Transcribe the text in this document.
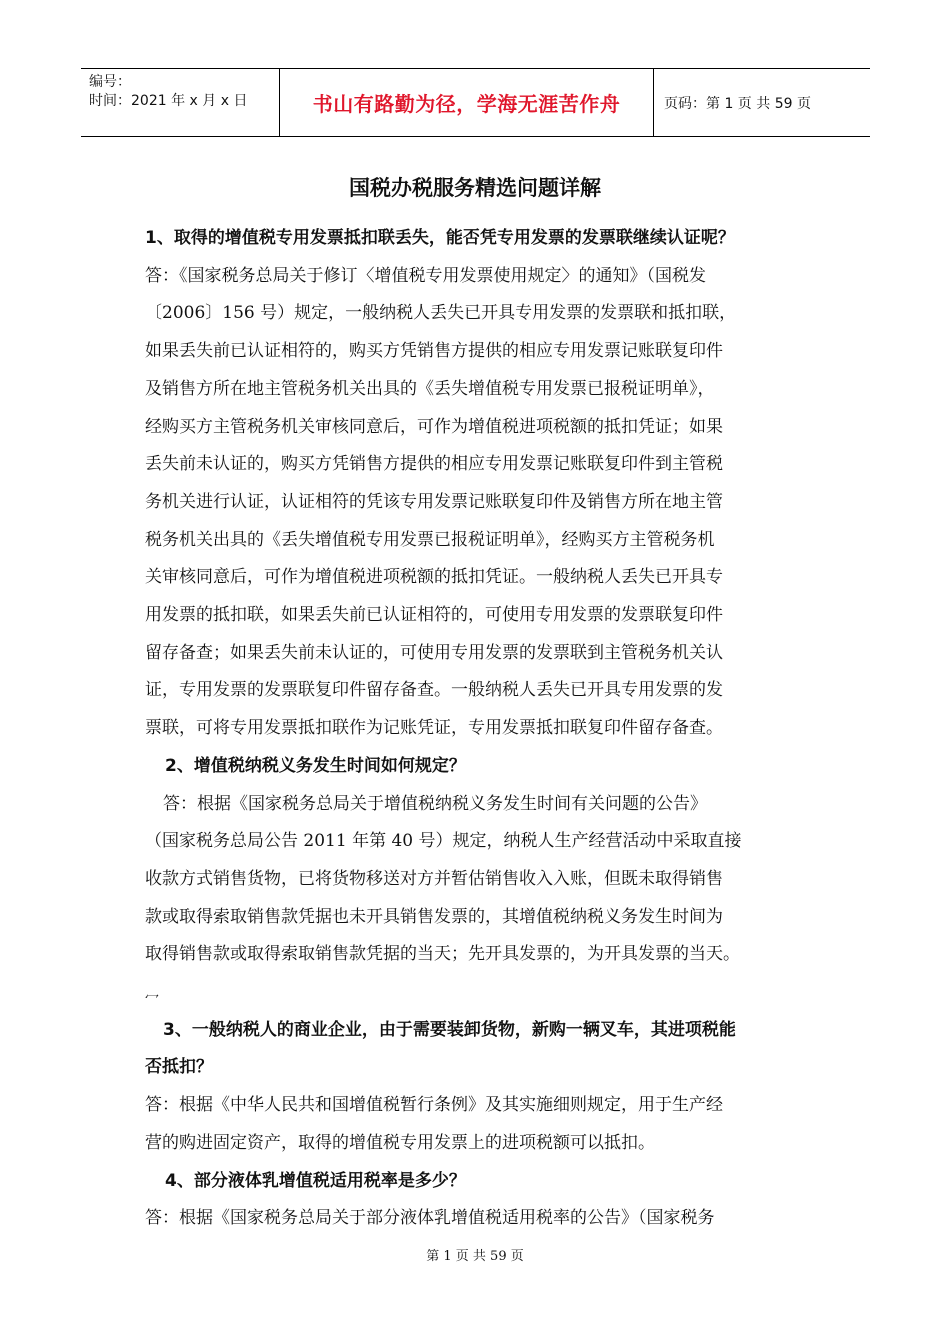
编号：
时间：2021 年 x 月 x 日	书山有路勤为径，学海无涯苦作舟	页码：第 1 页 共 59 页
国税办税服务精选问题详解
1、取得的增值税专用发票抵扣联丢失，能否凭专用发票的发票联继续认证呢？
答：《国家税务总局关于修订〈增值税专用发票使用规定〉的通知》（国税发
〔2006〕156 号）规定，一般纳税人丢失已开具专用发票的发票联和抵扣联，
如果丢失前已认证相符的，购买方凭销售方提供的相应专用发票记账联复印件
及销售方所在地主管税务机关出具的《丢失增值税专用发票已报税证明单》，
经购买方主管税务机关审核同意后，可作为增值税进项税额的抵扣凭证；如果
丢失前未认证的，购买方凭销售方提供的相应专用发票记账联复印件到主管税
务机关进行认证，认证相符的凭该专用发票记账联复印件及销售方所在地主管
税务机关出具的《丢失增值税专用发票已报税证明单》，经购买方主管税务机
关审核同意后，可作为增值税进项税额的抵扣凭证。一般纳税人丢失已开具专
用发票的抵扣联，如果丢失前已认证相符的，可使用专用发票的发票联复印件
留存备查；如果丢失前未认证的，可使用专用发票的发票联到主管税务机关认
证，专用发票的发票联复印件留存备查。一般纳税人丢失已开具专用发票的发
票联，可将专用发票抵扣联作为记账凭证，专用发票抵扣联复印件留存备查。
2、增值税纳税义务发生时间如何规定？
答：根据《国家税务总局关于增值税纳税义务发生时间有关问题的公告》
（国家税务总局公告 2011 年第 40 号）规定，纳税人生产经营活动中采取直接
收款方式销售货物，已将货物移送对方并暂估销售收入入账，但既未取得销售
款或取得索取销售款凭据也未开具销售发票的，其增值税纳税义务发生时间为
取得销售款或取得索取销售款凭据的当天；先开具发票的，为开具发票的当天。
冖
3、一般纳税人的商业企业，由于需要装卸货物，新购一辆叉车，其进项税能
否抵扣？
答：根据《中华人民共和国增值税暂行条例》及其实施细则规定，用于生产经
营的购进固定资产，取得的增值税专用发票上的进项税额可以抵扣。
4、部分液体乳增值税适用税率是多少？
答：根据《国家税务总局关于部分液体乳增值税适用税率的公告》（国家税务
第 1 页 共 59 页
